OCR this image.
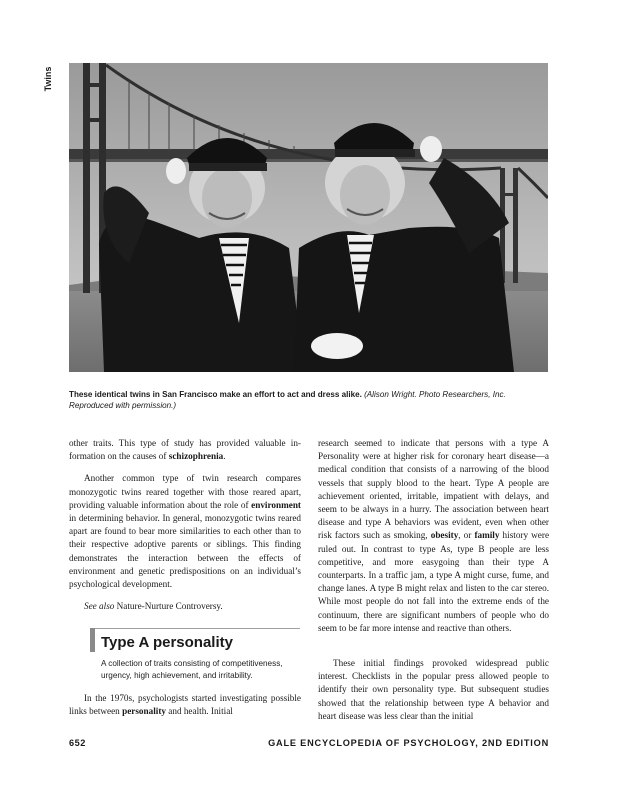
Twins
These identical twins in San Francisco make an effort to act and dress alike. (Alison Wright. Photo Researchers, Inc. Reproduced with permission.)

other traits. This type of study has provided valuable in-formation on the causes of schizophrenia.

Another common type of twin research compares monozygotic twins reared together with those reared apart, providing valuable information about the role of environment in determining behavior. In general, monozygotic twins reared apart are found to bear more similarities to each other than to their respective adoptive parents or siblings. This finding demonstrates the interaction between the effects of environment and genetic predispositions on an individual’s psychological development.

See also Nature-Nurture Controversy.

Type A personality
A collection of traits consisting of competitiveness, urgency, high achievement, and irritability.

In the 1970s, psychologists started investigating possible links between personality and health. Initial

research seemed to indicate that persons with a type A Personality were at higher risk for coronary heart disease—a medical condition that consists of a narrowing of the blood vessels that supply blood to the heart. Type A people are achievement oriented, irritable, impatient with delays, and seem to be always in a hurry. The association between heart disease and type A behaviors was evident, even when other risk factors such as smoking, obesity, or family history were ruled out. In contrast to type As, type B people are less competitive, and more easygoing than their type A counterparts. In a traffic jam, a type A might curse, fume, and change lanes. A type B might relax and listen to the car stereo. While most people do not fall into the extreme ends of the continuum, there are significant numbers of people who do seem to be far more intense and reactive than others.

These initial findings provoked widespread public interest. Checklists in the popular press allowed people to identify their own personality type. But subsequent studies showed that the relationship between type A behavior and heart disease was less clear than the initial

652	GALE ENCYCLOPEDIA OF PSYCHOLOGY, 2ND EDITION
